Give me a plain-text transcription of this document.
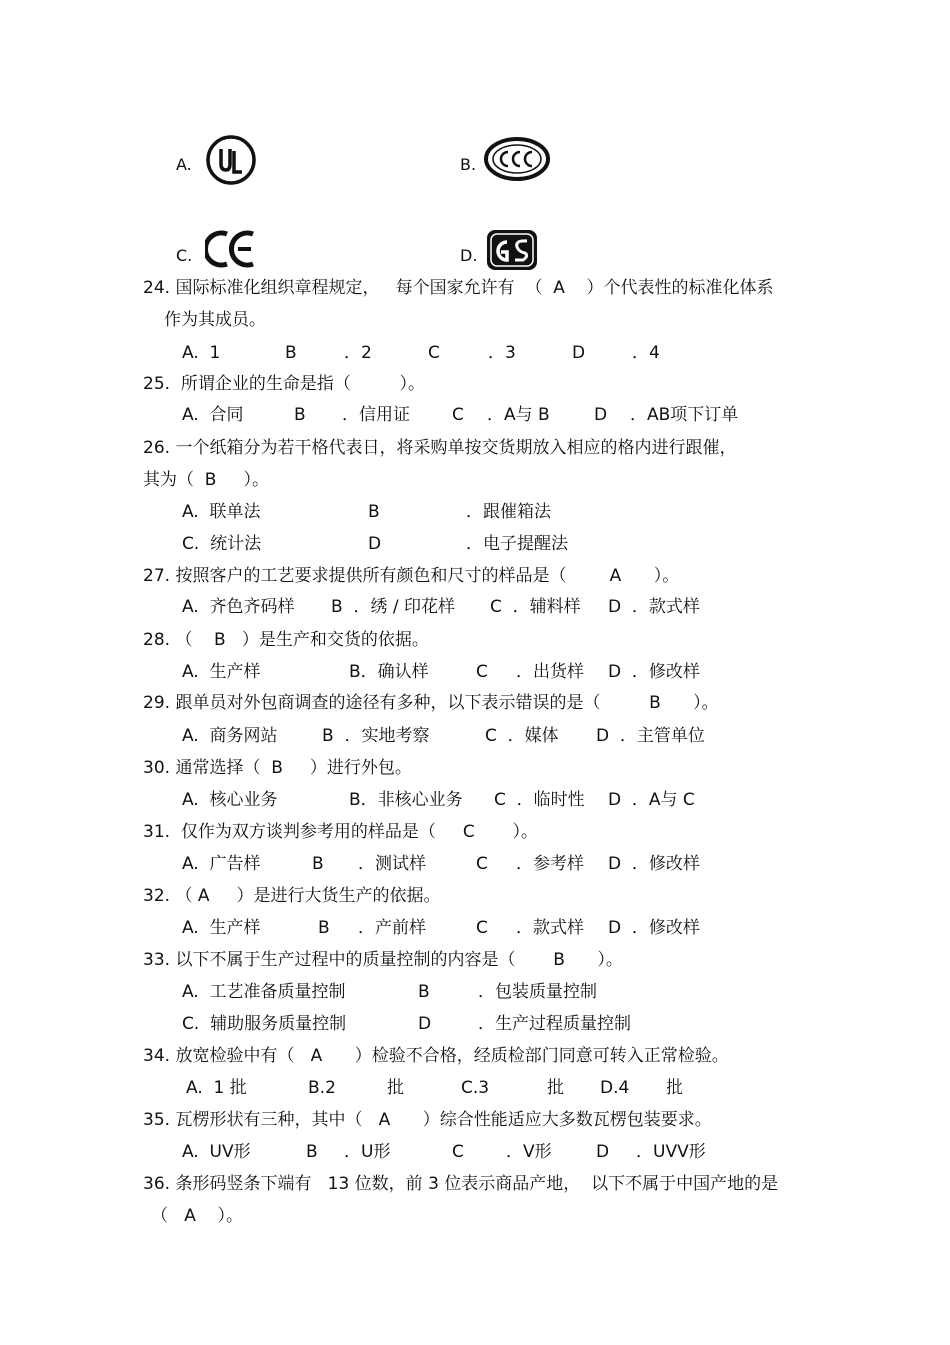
A.	B.
C.	D.
24. 国际标准化组织章程规定，   每个国家允许有  （  A    ）个代表性的标准化体系
作为其成员。
A.  1	B	．2	C	．3	D	．4
25.  所谓企业的生命是指（         ）。
A.  合同	B ．信用证 C ．A与 B	D ．AB项下订单
26. 一个纸箱分为若干格代表日，将采购单按交货期放入相应的格内进行跟催，
其为（  B     ）。
A.  联单法	B	．跟催箱法
C.  统计法	D	．电子提醒法
27. 按照客户的工艺要求提供所有颜色和尺寸的样品是（        A      ）。
A.  齐色齐码样 B  ．绣 / 印花样 C  ．辅料样 D  ．款式样
28. （    B   ）是生产和交货的依据。
A.  生产样	B．确认样	C ．出货样 D  ．修改样
29. 跟单员对外包商调查的途径有多种，以下表示错误的是（         B      ）。
A.  商务网站	B  ．实地考察	C  ．媒体 D  ．主管单位
30. 通常选择（  B     ）进行外包。
A.  核心业务	B．非核心业务 C  ．临时性 D  ．A与 C
31.  仅作为双方谈判参考用的样品是（     C       ）。
A.  广告样	B ．测试样	C ．参考样 D  ．修改样
32. （ A     ）是进行大货生产的依据。
A.  生产样	B ．产前样	C ．款式样 D  ．修改样
33. 以下不属于生产过程中的质量控制的内容是（       B      ）。
A.  工艺准备质量控制	B	．包装质量控制
C.  辅助服务质量控制	D	．生产过程质量控制
34. 放宽检验中有（   A      ）检验不合格，经质检部门同意可转入正常检验。
A.  1 批	B.2	批	C.3	批 D.4 批
35. 瓦楞形状有三种，其中（   A      ）综合性能适应大多数瓦楞包装要求。
A.  UV形	B ．U形	C ．V形	D ．UVV形
36. 条形码竖条下端有   13 位数，前 3 位表示商品产地，  以下不属于中国产地的是
（   A    ）。
